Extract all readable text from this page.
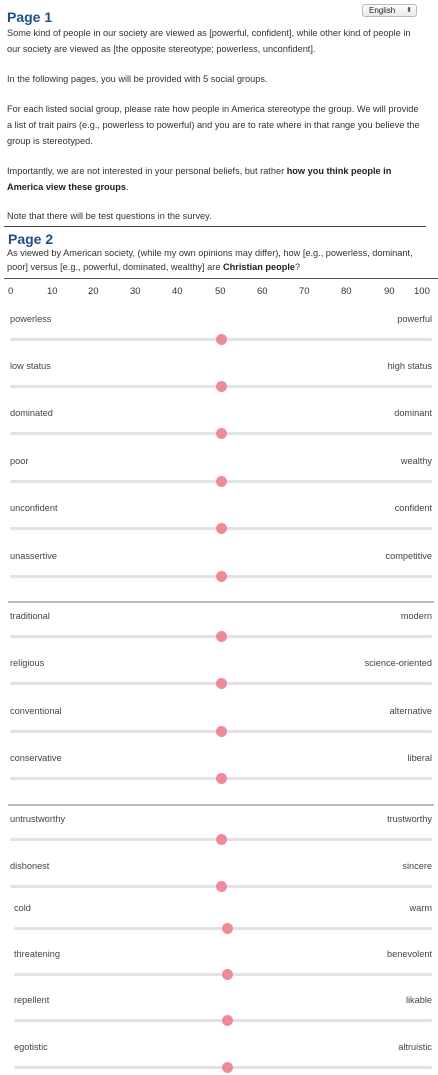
English ⬍
Page 1
Some kind of people in our society are viewed as [powerful, confident], while other kind of people in our society are viewed as [the opposite stereotype; powerless, unconfident].
In the following pages, you will be provided with 5 social groups.
For each listed social group, please rate how people in America stereotype the group. We will provide a list of trait pairs (e.g., powerless to powerful) and you are to rate where in that range you believe the group is stereotyped.
Importantly, we are not interested in your personal beliefs, but rather how you think people in America view these groups.
Note that there will be test questions in the survey.
Page 2
As viewed by American society, (while my own opinions may differ), how [e.g., powerless, dominant, poor] versus [e.g., powerful, dominated, wealthy] are Christian people?
0	10	20	30	40	50	60	70	80	90 100
powerless	powerful
low status	high status
dominated	dominant
poor	wealthy
unconfident	confident
unassertive	competitive
traditional	modern
religious	science-oriented
conventional	alternative
conservative	liberal
untrustworthy	trustworthy
dishonest	sincere
cold	warm
threatening	benevolent
repellent	likable
egotistic	altruistic
